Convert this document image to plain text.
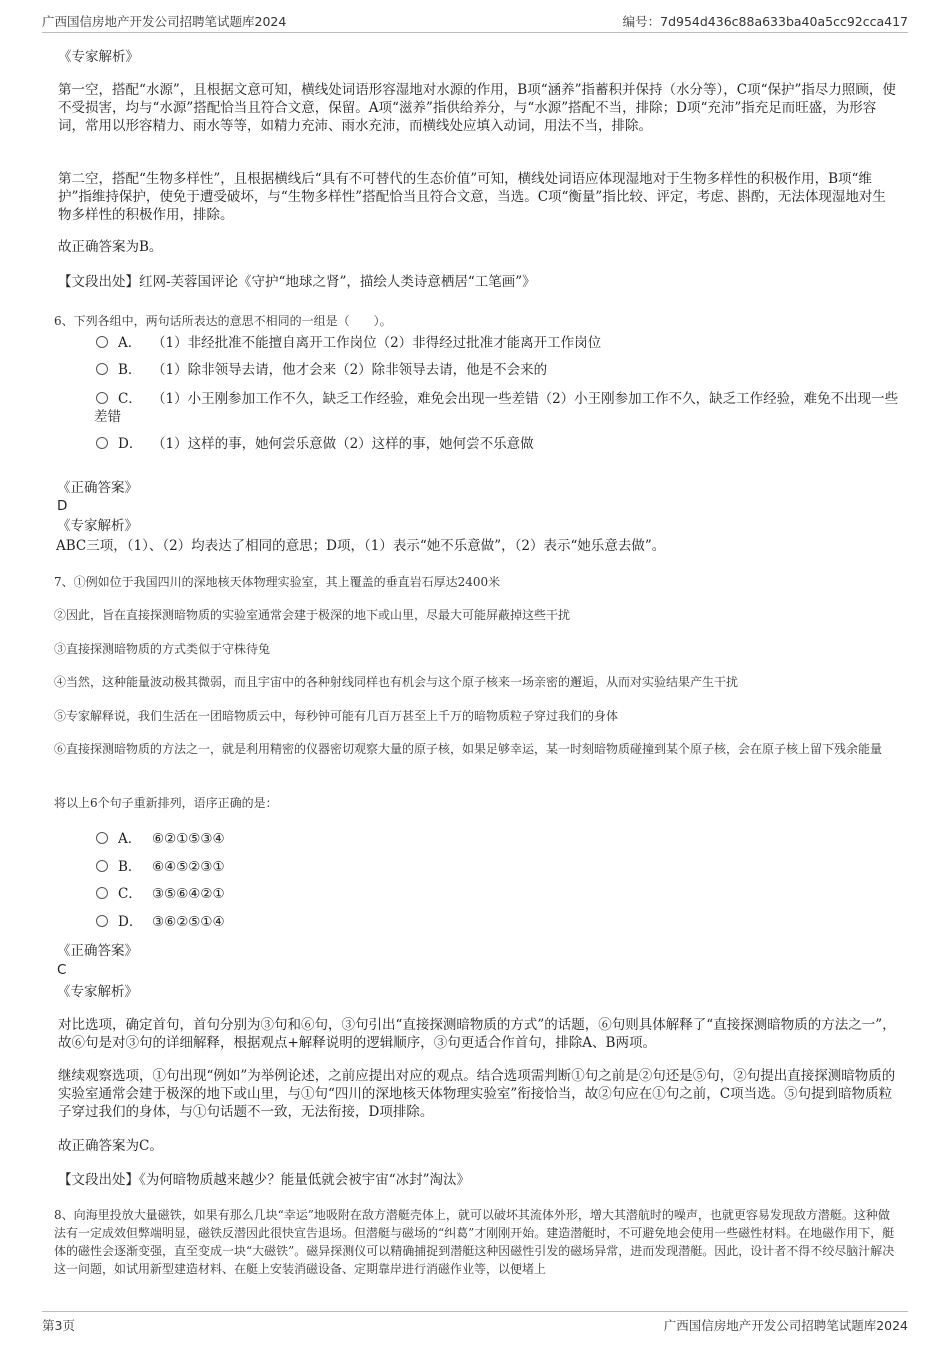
广西国信房地产开发公司招聘笔试题库2024	编号：7d954d436c88a633ba40a5cc92cca417
《专家解析》
第一空，搭配“水源”，且根据文意可知，横线处词语形容湿地对水源的作用，B项“涵养”指蓄积并保持（水分等），C项“保护”指尽力照顾，使不受损害，均与“水源”搭配恰当且符合文意，保留。A项“滋养”指供给养分，与“水源”搭配不当，排除；D项“充沛”指充足而旺盛，为形容词，常用以形容精力、雨水等等，如精力充沛、雨水充沛，而横线处应填入动词，用法不当，排除。
第二空，搭配“生物多样性”，且根据横线后“具有不可替代的生态价值”可知，横线处词语应体现湿地对于生物多样性的积极作用，B项“维护”指维持保护，使免于遭受破坏，与“生物多样性”搭配恰当且符合文意，当选。C项“衡量”指比较、评定，考虑、斟酌，无法体现湿地对生物多样性的积极作用，排除。
故正确答案为B。
【文段出处】红网-芙蓉国评论《守护“地球之肾”，描绘人类诗意栖居“工笔画”》
6、下列各组中，两句话所表达的意思不相同的一组是（　　）。
A． （1）非经批准不能擅自离开工作岗位（2）非得经过批准才能离开工作岗位
B． （1）除非领导去请，他才会来（2）除非领导去请，他是不会来的
C． （1）小王刚参加工作不久，缺乏工作经验，难免会出现一些差错（2）小王刚参加工作不久，缺乏工作经验，难免不出现一些差错
D． （1）这样的事，她何尝乐意做（2）这样的事，她何尝不乐意做
《正确答案》
D
《专家解析》
ABC三项，（1）、（2）均表达了相同的意思；D项，（1）表示“她不乐意做”，（2）表示“她乐意去做”。
7、①例如位于我国四川的深地核天体物理实验室，其上覆盖的垂直岩石厚达2400米
②因此，旨在直接探测暗物质的实验室通常会建于极深的地下或山里，尽最大可能屏蔽掉这些干扰
③直接探测暗物质的方式类似于守株待兔
④当然，这种能量波动极其微弱，而且宇宙中的各种射线同样也有机会与这个原子核来一场亲密的邂逅，从而对实验结果产生干扰
⑤专家解释说，我们生活在一团暗物质云中，每秒钟可能有几百万甚至上千万的暗物质粒子穿过我们的身体
⑥直接探测暗物质的方法之一，就是利用精密的仪器密切观察大量的原子核，如果足够幸运，某一时刻暗物质碰撞到某个原子核，会在原子核上留下残余能量
将以上6个句子重新排列，语序正确的是：
A． ⑥②①⑤③④
B． ⑥④⑤②③①
C． ③⑤⑥④②①
D． ③⑥②⑤①④
《正确答案》
C
《专家解析》
对比选项，确定首句，首句分别为③句和⑥句，③句引出“直接探测暗物质的方式”的话题，⑥句则具体解释了“直接探测暗物质的方法之一”，故⑥句是对③句的详细解释，根据观点+解释说明的逻辑顺序，③句更适合作首句，排除A、B两项。
继续观察选项，①句出现“例如”为举例论述，之前应提出对应的观点。结合选项需判断①句之前是②句还是⑤句，②句提出直接探测暗物质的实验室通常会建于极深的地下或山里，与①句“四川的深地核天体物理实验室”衔接恰当，故②句应在①句之前，C项当选。⑤句提到暗物质粒子穿过我们的身体，与①句话题不一致，无法衔接，D项排除。
故正确答案为C。
【文段出处】《为何暗物质越来越少？能量低就会被宇宙“冰封”淘汰》
8、向海里投放大量磁铁，如果有那么几块“幸运”地吸附在敌方潜艇壳体上，就可以破坏其流体外形，增大其潜航时的噪声，也就更容易发现敌方潜艇。这种做法有一定成效但弊端明显，磁铁反潜因此很快宣告退场。但潜艇与磁场的“纠葛”才刚刚开始。建造潜艇时，不可避免地会使用一些磁性材料。在地磁作用下，艇体的磁性会逐渐变强，直至变成一块“大磁铁”。磁异探测仪可以精确捕捉到潜艇这种因磁性引发的磁场异常，进而发现潜艇。因此，设计者不得不绞尽脑汁解决这一问题，如试用新型建造材料、在艇上安装消磁设备、定期靠岸进行消磁作业等，以便堵上
第3页	广西国信房地产开发公司招聘笔试题库2024
